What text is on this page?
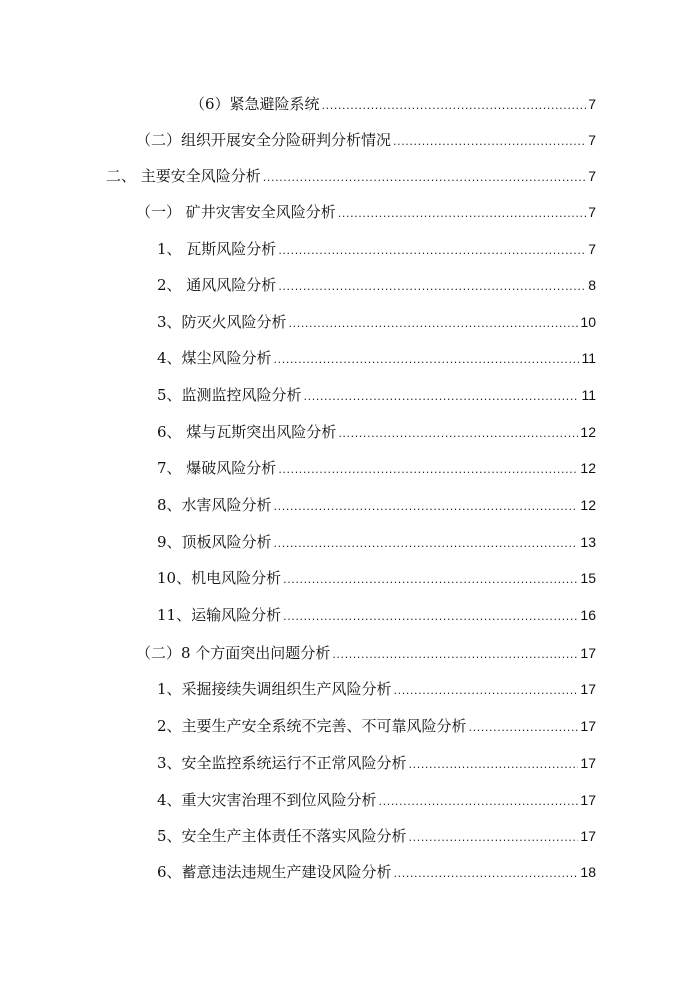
（6）紧急避险系统 .....	7
（二）组织开展安全分险研判分析情况 .....	7
二、 主要安全风险分析 .....	7
（一） 矿井灾害安全风险分析 .....	7
1、 瓦斯风险分析 .....	7
2、 通风风险分析 .....	8
3、防灭火风险分析 .....	10
4、煤尘风险分析 .....	11
5、监测监控风险分析 .....	11
6、 煤与瓦斯突出风险分析 .....	12
7、 爆破风险分析 .....	12
8、水害风险分析 .....	12
9、顶板风险分析 .....	13
10、机电风险分析 .....	15
11、运输风险分析 .....	16
（二）8 个方面突出问题分析 .....	17
1、采掘接续失调组织生产风险分析 .....	17
2、主要生产安全系统不完善、不可靠风险分析 .....	17
3、安全监控系统运行不正常风险分析 .....	17
4、重大灾害治理不到位风险分析 .....	17
5、安全生产主体责任不落实风险分析 .....	17
6、蓄意违法违规生产建设风险分析 .....	18
